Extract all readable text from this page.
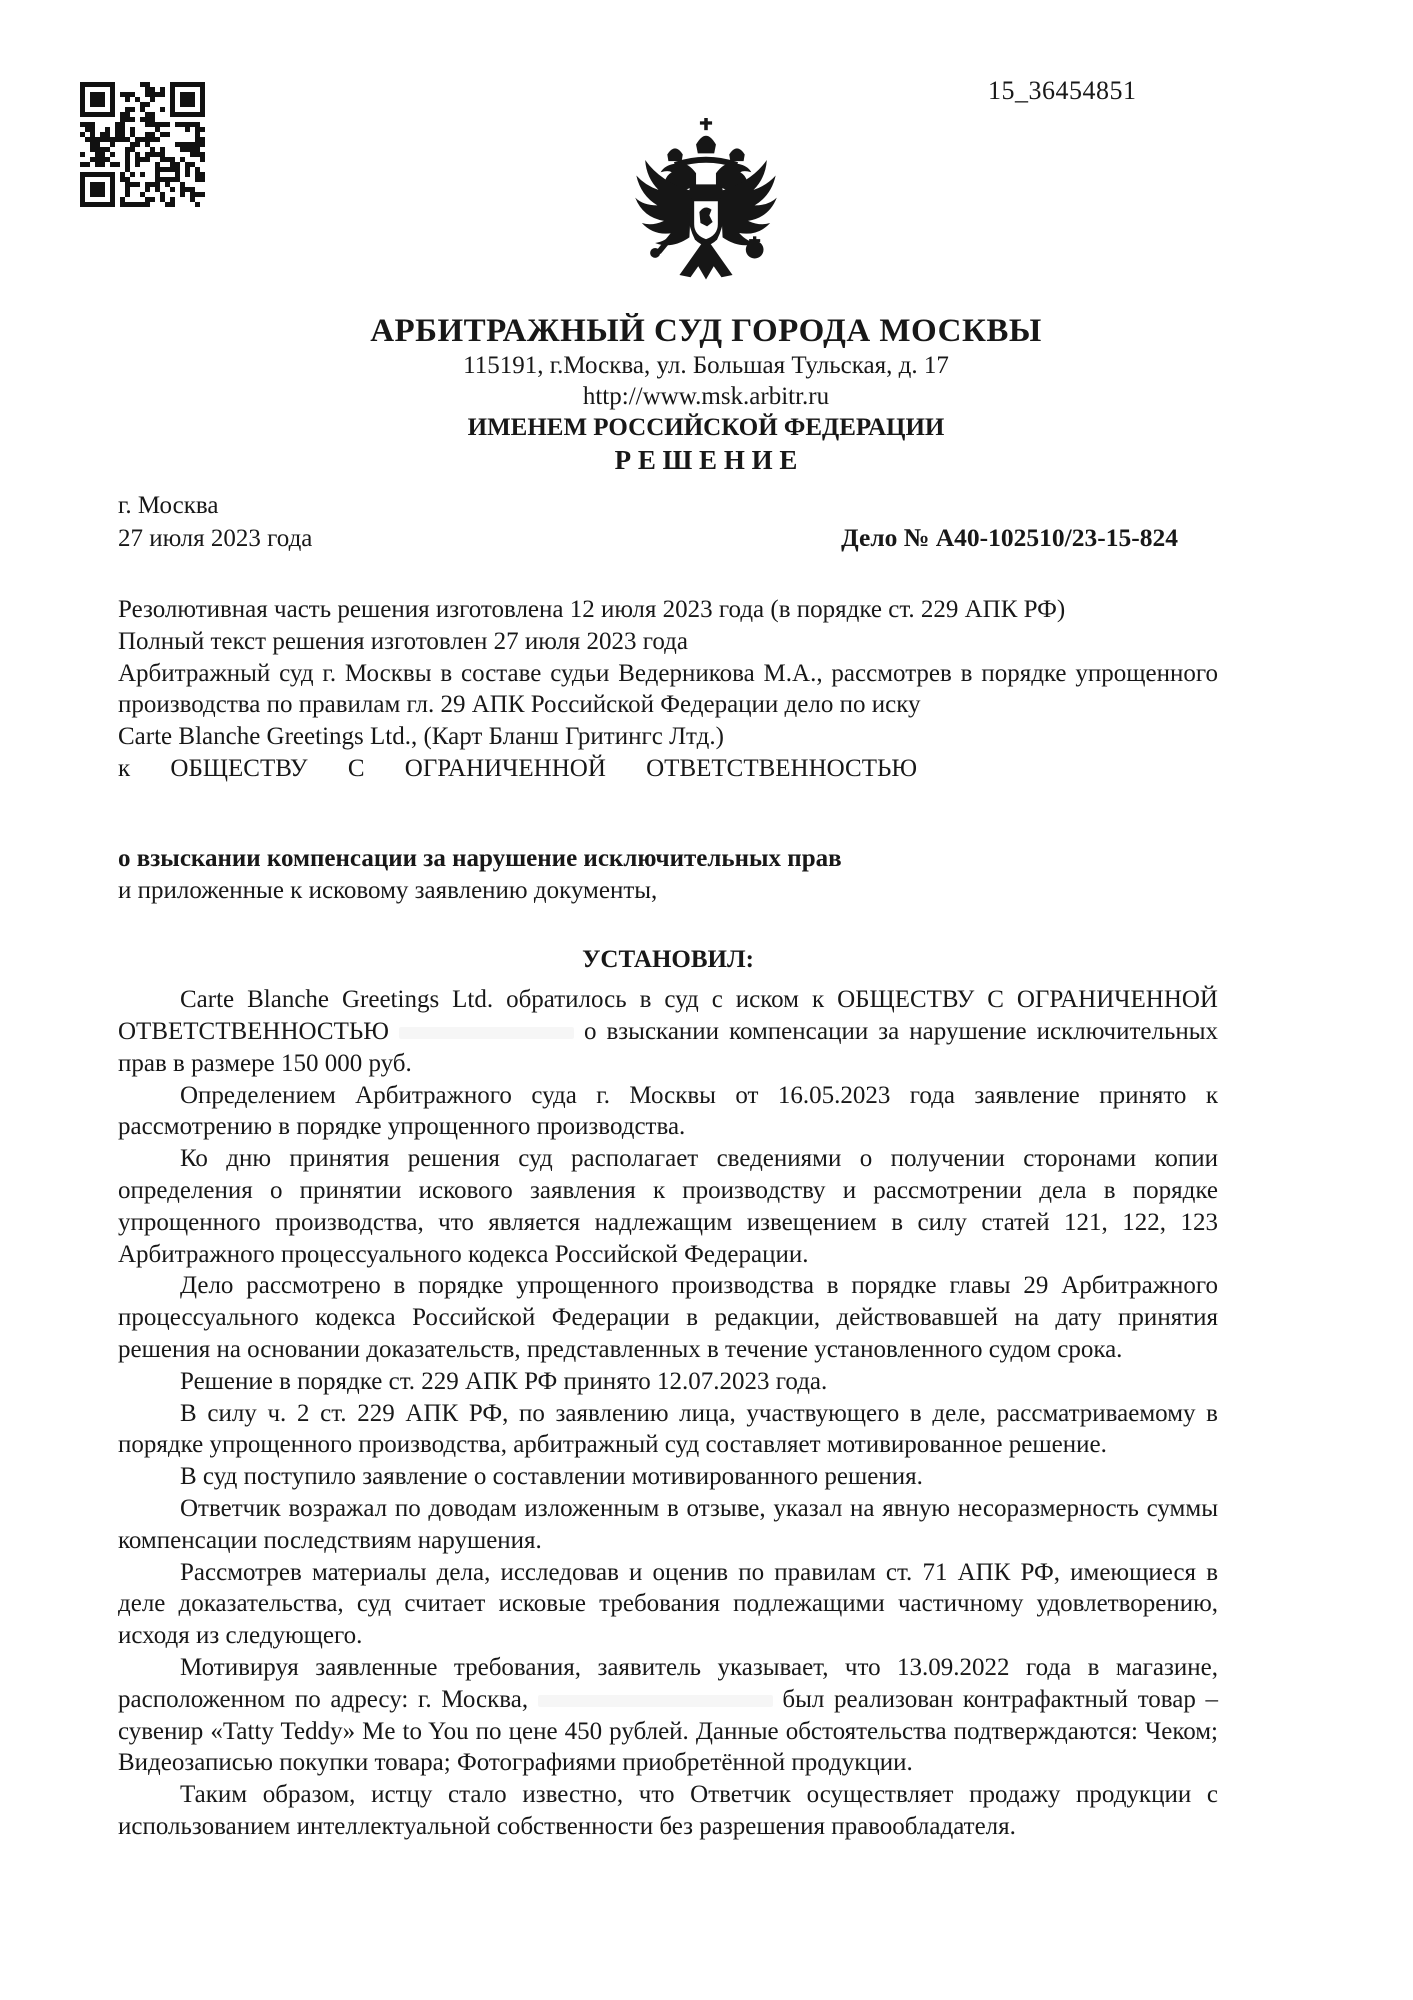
15_36454851
АРБИТРАЖНЫЙ СУД ГОРОДА МОСКВЫ
115191, г.Москва, ул. Большая Тульская, д. 17
http://www.msk.arbitr.ru
ИМЕНЕМ РОССИЙСКОЙ ФЕДЕРАЦИИ
Р Е Ш Е Н И Е
г. Москва
27 июля 2023 года	Дело № А40-102510/23-15-824

Резолютивная часть решения изготовлена 12 июля 2023 года (в порядке ст. 229 АПК РФ)

Полный текст решения изготовлен 27 июля 2023 года

Арбитражный суд г. Москвы в составе судьи Ведерникова М.А., рассмотрев в порядке упрощенного производства по правилам гл. 29 АПК Российской Федерации дело по иску

Carte Blanche Greetings Ltd., (Карт Бланш Гритингс Лтд.)

к ОБЩЕСТВУ С ОГРАНИЧЕННОЙ ОТВЕТСТВЕННОСТЬЮ

о взыскании компенсации за нарушение исключительных прав

и приложенные к исковому заявлению документы,

УСТАНОВИЛ:

Carte Blanche Greetings Ltd. обратилось в суд с иском к ОБЩЕСТВУ С ОГРАНИЧЕННОЙ ОТВЕТСТВЕННОСТЬЮ	о взыскании компенсации за нарушение исключительных прав в размере 150 000 руб.

Определением Арбитражного суда г. Москвы от 16.05.2023 года заявление принято к рассмотрению в порядке упрощенного производства.

Ко дню принятия решения суд располагает сведениями о получении сторонами копии определения о принятии искового заявления к производству и рассмотрении дела в порядке упрощенного производства, что является надлежащим извещением в силу статей 121, 122, 123 Арбитражного процессуального кодекса Российской Федерации.

Дело рассмотрено в порядке упрощенного производства в порядке главы 29 Арбитражного процессуального кодекса Российской Федерации в редакции, действовавшей на дату принятия решения на основании доказательств, представленных в течение установленного судом срока.

Решение в порядке ст. 229 АПК РФ принято 12.07.2023 года.

В силу ч. 2 ст. 229 АПК РФ, по заявлению лица, участвующего в деле, рассматриваемому в порядке упрощенного производства, арбитражный суд составляет мотивированное решение.

В суд поступило заявление о составлении мотивированного решения.

Ответчик возражал по доводам изложенным в отзыве, указал на явную несоразмерность суммы компенсации последствиям нарушения.

Рассмотрев материалы дела, исследовав и оценив по правилам ст. 71 АПК РФ, имеющиеся в деле доказательства, суд считает исковые требования подлежащими частичному удовлетворению, исходя из следующего.

Мотивируя заявленные требования, заявитель указывает, что 13.09.2022 года в магазине, расположенном по адресу: г. Москва,	был реализован контрафактный товар – сувенир «Tatty Teddy» Me to You по цене 450 рублей. Данные обстоятельства подтверждаются: Чеком; Видеозаписью покупки товара; Фотографиями приобретённой продукции.

Таким образом, истцу стало известно, что Ответчик осуществляет продажу продукции с использованием интеллектуальной собственности без разрешения правообладателя.
